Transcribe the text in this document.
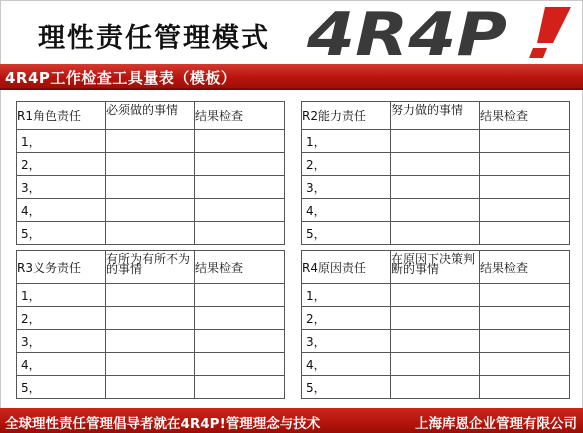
理性责任管理模式 4R4P
4R4P工作检查工具量表（模板）
R1角色责任	必须做的事情	结果检查
1，		
2，		
3，		
4，		
5，		
R2能力责任	努力做的事情	结果检查
1，		
2，		
3，		
4，		
5，		
R3义务责任	有所为有所不为的事情	结果检查
1，		
2，		
3，		
4，		
5，		
R4原因责任	在原因下决策判断的事情	结果检查
1，		
2，		
3，		
4，		
5，		
全球理性责任管理倡导者就在4R4P!管理理念与技术	上海库恩企业管理有限公司
